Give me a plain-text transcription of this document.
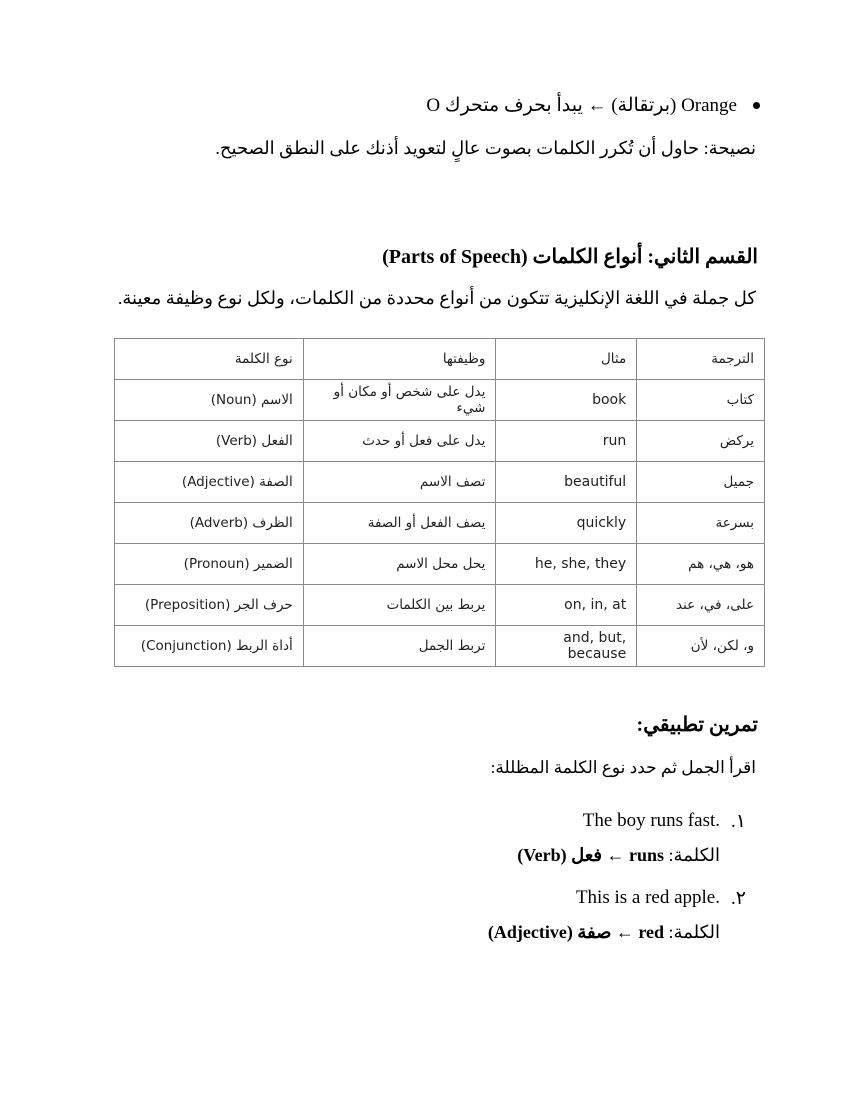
Orange (برتقالة) ← يبدأ بحرف متحرك O
نصيحة: حاول أن تُكرر الكلمات بصوت عالٍ لتعويد أذنك على النطق الصحيح.
القسم الثاني: أنواع الكلمات (Parts of Speech)
كل جملة في اللغة الإنكليزية تتكون من أنواع محددة من الكلمات، ولكل نوع وظيفة معينة.
الترجمة	مثال	وظيفتها	نوع الكلمة
كتاب	book	يدل على شخص أو مكان أو شيء	الاسم (Noun)
يركض	run	يدل على فعل أو حدث	الفعل (Verb)
جميل	beautiful	تصف الاسم	الصفة (Adjective)
بسرعة	quickly	يصف الفعل أو الصفة	الظرف (Adverb)
هو، هي، هم	he, she, they	يحل محل الاسم	الضمير (Pronoun)
على، في، عند	on, in, at	يربط بين الكلمات	حرف الجر (Preposition)
و، لكن، لأن	and, but, because	تربط الجمل	أداة الربط (Conjunction)
تمرين تطبيقي:
اقرأ الجمل ثم حدد نوع الكلمة المظللة:
١.
The boy runs fast.
الكلمة: runs ← فعل (Verb)
٢.
This is a red apple.
الكلمة: red ← صفة (Adjective)
